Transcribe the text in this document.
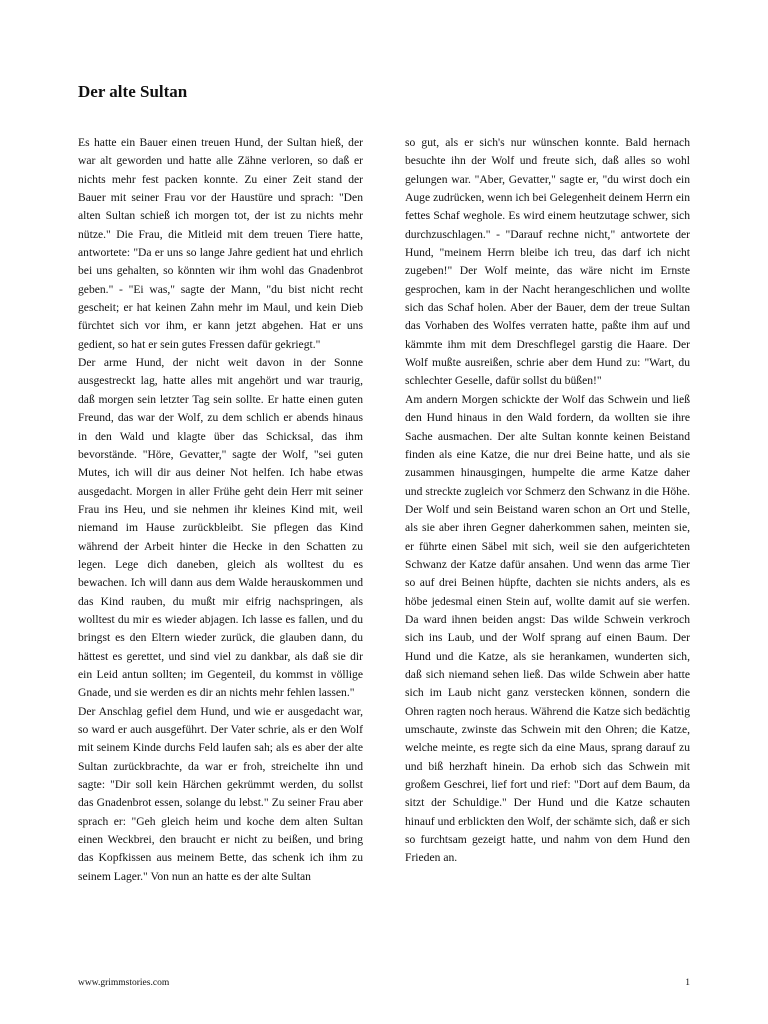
Der alte Sultan

Es hatte ein Bauer einen treuen Hund, der Sultan hieß, der war alt geworden und hatte alle Zähne verloren, so daß er nichts mehr fest packen konnte. Zu einer Zeit stand der Bauer mit seiner Frau vor der Haustüre und sprach: "Den alten Sultan schieß ich morgen tot, der ist zu nichts mehr nütze." Die Frau, die Mitleid mit dem treuen Tiere hatte, antwortete: "Da er uns so lange Jahre gedient hat und ehrlich bei uns gehalten, so könnten wir ihm wohl das Gnadenbrot geben." - "Ei was," sagte der Mann, "du bist nicht recht gescheit; er hat keinen Zahn mehr im Maul, und kein Dieb fürchtet sich vor ihm, er kann jetzt abgehen. Hat er uns gedient, so hat er sein gutes Fressen dafür gekriegt."

Der arme Hund, der nicht weit davon in der Sonne ausgestreckt lag, hatte alles mit angehört und war traurig, daß morgen sein letzter Tag sein sollte. Er hatte einen guten Freund, das war der Wolf, zu dem schlich er abends hinaus in den Wald und klagte über das Schicksal, das ihm bevorstände. "Höre, Gevatter," sagte der Wolf, "sei guten Mutes, ich will dir aus deiner Not helfen. Ich habe etwas ausgedacht. Morgen in aller Frühe geht dein Herr mit seiner Frau ins Heu, und sie nehmen ihr kleines Kind mit, weil niemand im Hause zurückbleibt. Sie pflegen das Kind während der Arbeit hinter die Hecke in den Schatten zu legen. Lege dich daneben, gleich als wolltest du es bewachen. Ich will dann aus dem Walde herauskommen und das Kind rauben, du mußt mir eifrig nachspringen, als wolltest du mir es wieder abjagen. Ich lasse es fallen, und du bringst es den Eltern wieder zurück, die glauben dann, du hättest es gerettet, und sind viel zu dankbar, als daß sie dir ein Leid antun sollten; im Gegenteil, du kommst in völlige Gnade, und sie werden es dir an nichts mehr fehlen lassen."

Der Anschlag gefiel dem Hund, und wie er ausgedacht war, so ward er auch ausgeführt. Der Vater schrie, als er den Wolf mit seinem Kinde durchs Feld laufen sah; als es aber der alte Sultan zurückbrachte, da war er froh, streichelte ihn und sagte: "Dir soll kein Härchen gekrümmt werden, du sollst das Gnadenbrot essen, solange du lebst." Zu seiner Frau aber sprach er: "Geh gleich heim und koche dem alten Sultan einen Weckbrei, den braucht er nicht zu beißen, und bring das Kopfkissen aus meinem Bette, das schenk ich ihm zu seinem Lager." Von nun an hatte es der alte Sultan

so gut, als er sich's nur wünschen konnte. Bald hernach besuchte ihn der Wolf und freute sich, daß alles so wohl gelungen war. "Aber, Gevatter," sagte er, "du wirst doch ein Auge zudrücken, wenn ich bei Gelegenheit deinem Herrn ein fettes Schaf weghole. Es wird einem heutzutage schwer, sich durchzuschlagen." - "Darauf rechne nicht," antwortete der Hund, "meinem Herrn bleibe ich treu, das darf ich nicht zugeben!" Der Wolf meinte, das wäre nicht im Ernste gesprochen, kam in der Nacht herangeschlichen und wollte sich das Schaf holen. Aber der Bauer, dem der treue Sultan das Vorhaben des Wolfes verraten hatte, paßte ihm auf und kämmte ihm mit dem Dreschflegel garstig die Haare. Der Wolf mußte ausreißen, schrie aber dem Hund zu: "Wart, du schlechter Geselle, dafür sollst du büßen!"

Am andern Morgen schickte der Wolf das Schwein und ließ den Hund hinaus in den Wald fordern, da wollten sie ihre Sache ausmachen. Der alte Sultan konnte keinen Beistand finden als eine Katze, die nur drei Beine hatte, und als sie zusammen hinausgingen, humpelte die arme Katze daher und streckte zugleich vor Schmerz den Schwanz in die Höhe. Der Wolf und sein Beistand waren schon an Ort und Stelle, als sie aber ihren Gegner daherkommen sahen, meinten sie, er führte einen Säbel mit sich, weil sie den aufgerichteten Schwanz der Katze dafür ansahen. Und wenn das arme Tier so auf drei Beinen hüpfte, dachten sie nichts anders, als es höbe jedesmal einen Stein auf, wollte damit auf sie werfen. Da ward ihnen beiden angst: Das wilde Schwein verkroch sich ins Laub, und der Wolf sprang auf einen Baum. Der Hund und die Katze, als sie herankamen, wunderten sich, daß sich niemand sehen ließ. Das wilde Schwein aber hatte sich im Laub nicht ganz verstecken können, sondern die Ohren ragten noch heraus. Während die Katze sich bedächtig umschaute, zwinste das Schwein mit den Ohren; die Katze, welche meinte, es regte sich da eine Maus, sprang darauf zu und biß herzhaft hinein. Da erhob sich das Schwein mit großem Geschrei, lief fort und rief: "Dort auf dem Baum, da sitzt der Schuldige." Der Hund und die Katze schauten hinauf und erblickten den Wolf, der schämte sich, daß er sich so furchtsam gezeigt hatte, und nahm von dem Hund den Frieden an.

www.grimmstories.com	1
